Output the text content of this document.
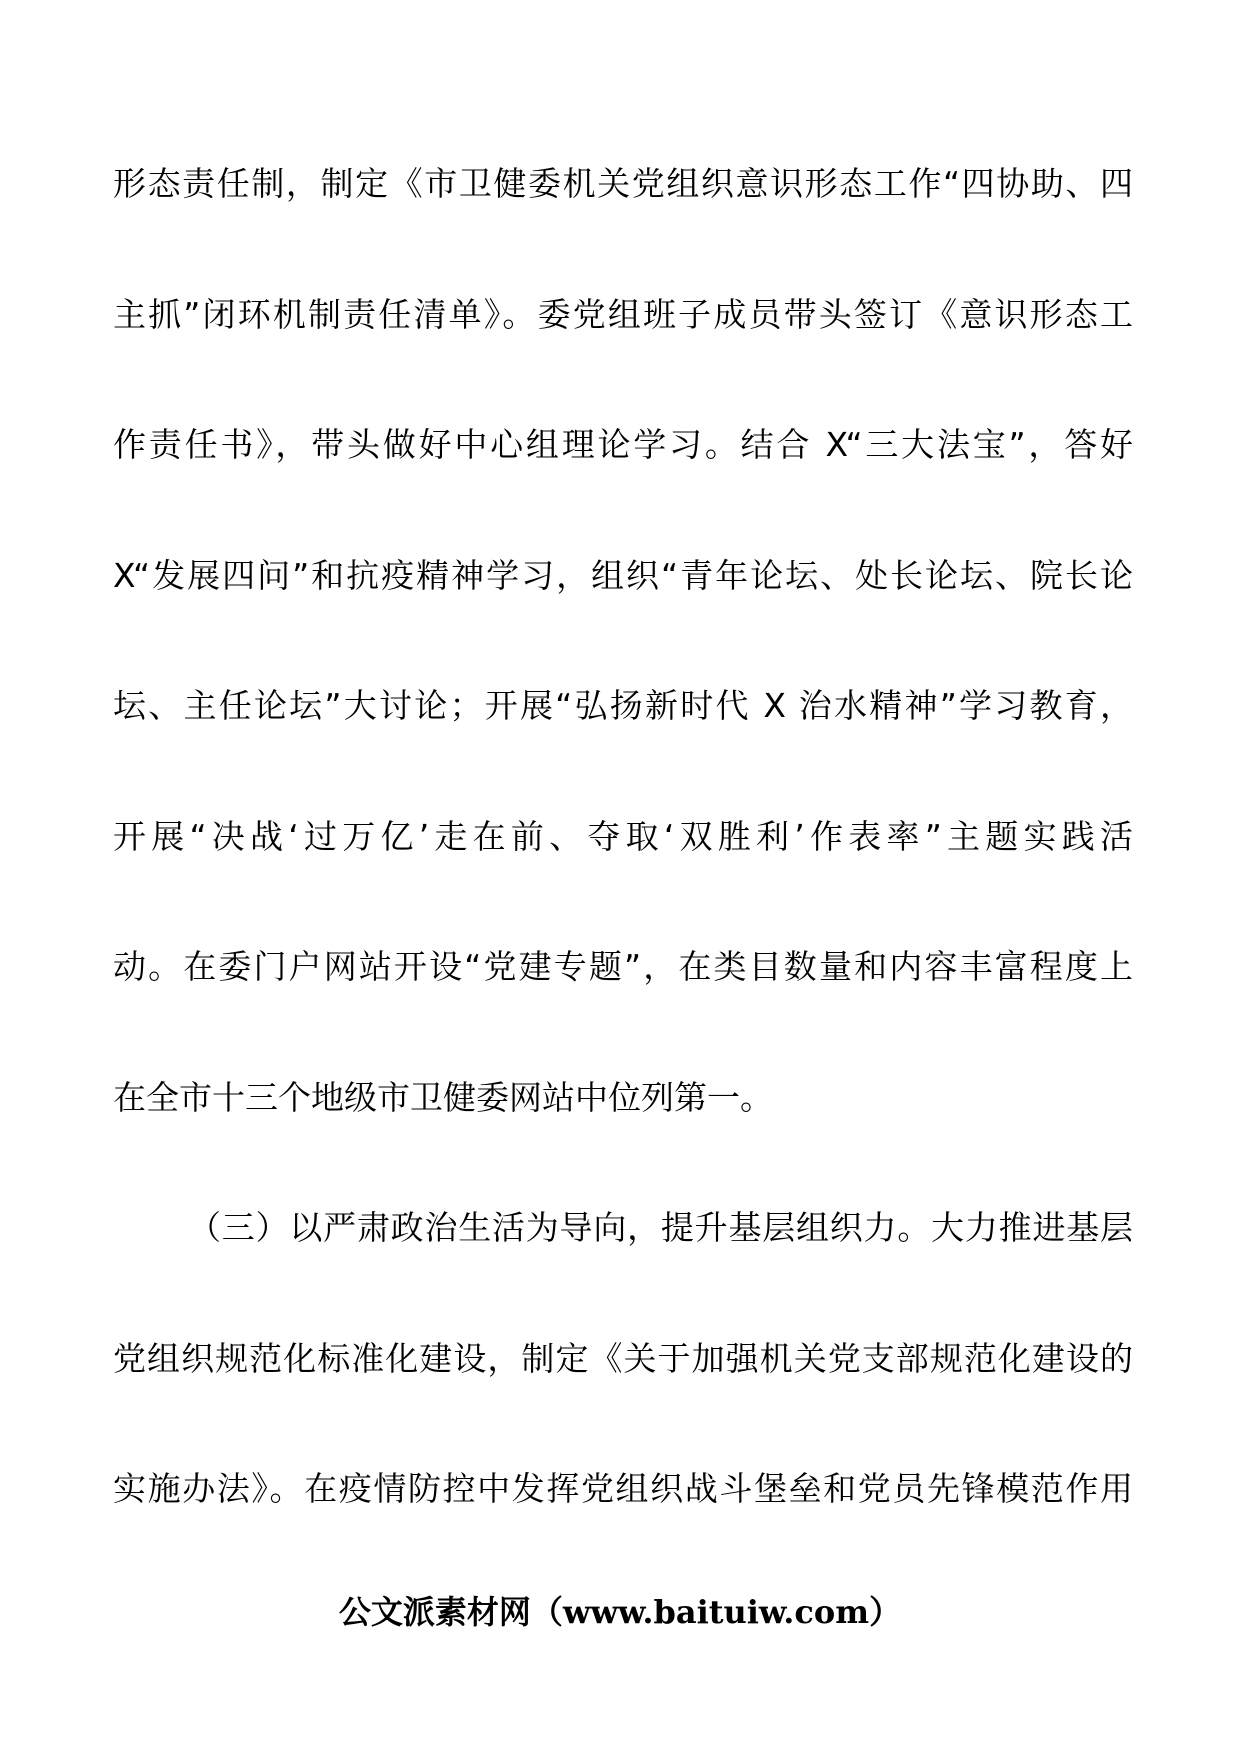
形态责任制，制定《市卫健委机关党组织意识形态工作“四协助、四
主抓”闭环机制责任清单》。委党组班子成员带头签订《意识形态工
作责任书》，带头做好中心组理论学习。结合 X“三大法宝”，答好
X“发展四问”和抗疫精神学习，组织“青年论坛、处长论坛、院长论
坛、主任论坛”大讨论；开展“弘扬新时代 X 治水精神”学习教育，
开展“决战‘过万亿’走在前、夺取‘双胜利’作表率”主题实践活
动。在委门户网站开设“党建专题”，在类目数量和内容丰富程度上
在全市十三个地级市卫健委网站中位列第一。
（三）以严肃政治生活为导向，提升基层组织力。大力推进基层
党组织规范化标准化建设，制定《关于加强机关党支部规范化建设的
实施办法》。在疫情防控中发挥党组织战斗堡垒和党员先锋模范作用
公文派素材网（www.baituiw.com）
